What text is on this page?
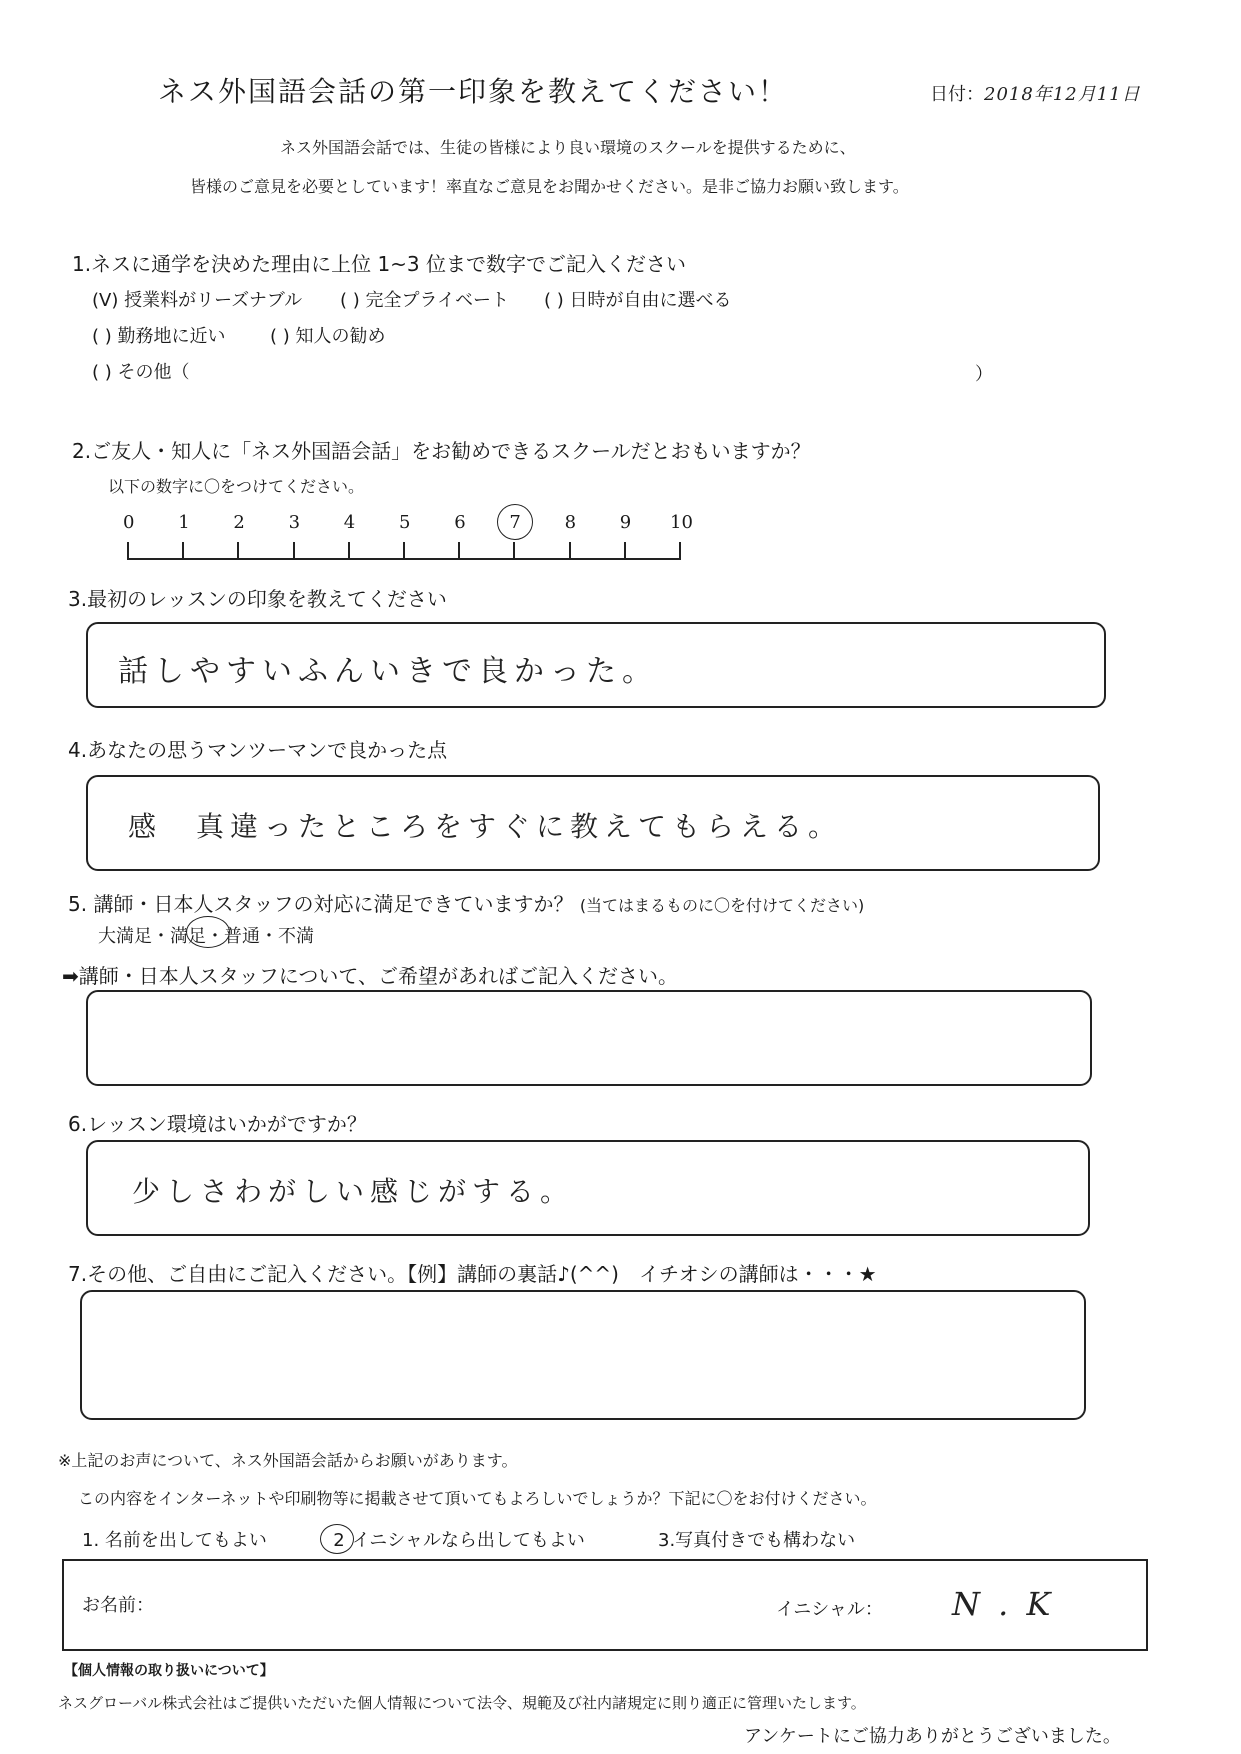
ネス外国語会話の第一印象を教えてください！	日付：2018年12月11日
ネス外国語会話では、生徒の皆様により良い環境のスクールを提供するために、
皆様のご意見を必要としています！率直なご意見をお聞かせください。是非ご協力お願い致します。
1.ネスに通学を決めた理由に上位 1~3 位まで数字でご記入ください
(V) 授業料がリーズナブル ( ) 完全プライベート ( ) 日時が自由に選べる
( ) 勤務地に近い ( ) 知人の勧め
( ) その他（	）
2.ご友人・知人に「ネス外国語会話」をお勧めできるスクールだとおもいますか？
以下の数字に〇をつけてください。
0 1 2 3 4 5 6 7 8 9 10
3.最初のレッスンの印象を教えてください
話しやすいふんいきで良かった。
4.あなたの思うマンツーマンで良かった点
感　真違ったところをすぐに教えてもらえる。
5. 講師・日本人スタッフの対応に満足できていますか？ (当てはまるものに〇を付けてください)
大満足・満足・普通・不満
➡講師・日本人スタッフについて、ご希望があればご記入ください。
6.レッスン環境はいかがですか？
少しさわがしい感じがする。
7.その他、ご自由にご記入ください。【例】講師の裏話♪(^^)　イチオシの講師は・・・★
※上記のお声について、ネス外国語会話からお願いがあります。
この内容をインターネットや印刷物等に掲載させて頂いてもよろしいでしょうか？下記に〇をお付けください。
1. 名前を出してもよい	2 イニシャルなら出してもよい	3.写真付きでも構わない
お名前：	イニシャル： N . K
【個人情報の取り扱いについて】
ネスグローバル株式会社はご提供いただいた個人情報について法令、規範及び社内諸規定に則り適正に管理いたします。
アンケートにご協力ありがとうございました。
